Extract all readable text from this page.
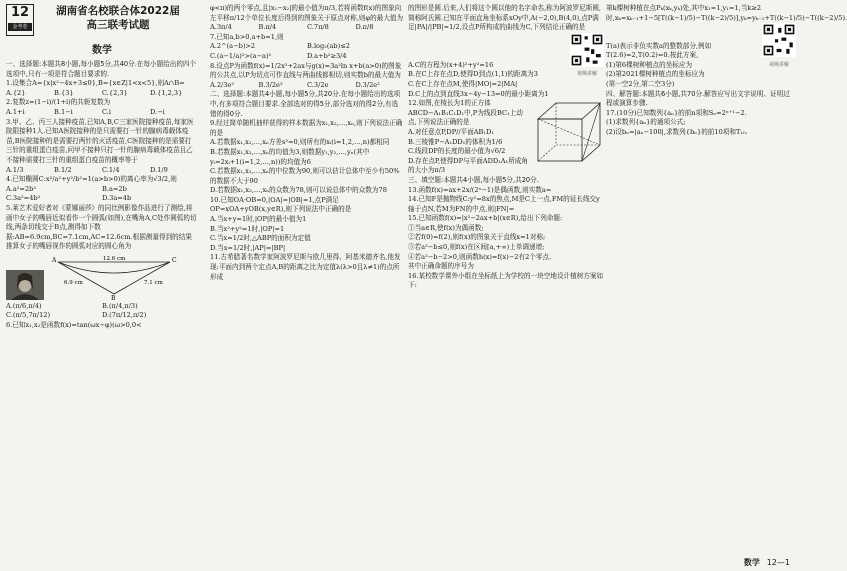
12
金考卷
湖南省名校联合体2022届
高三联考试题
数学

一、选择题:本题共8小题,每小题5分,共40分.在每小题给出的四个选项中,只有一项是符合题目要求的.

1.设集合A={x|x²−4x+3≤0},B={x∈Z|1<x<5},则A∩B=

A.{2}	B.{3}	C.{2,3}	D.{1,2,3}

2.复数z=(1−i)/(1+i)的共轭复数为

A.1+i	B.1−i	C.i	D.−i

3.甲、乙、丙三人接种疫苗,已知A,B,C三家医院接种疫苗,每家医院限接种1人.已知A医院接种的是只需要打一针的腺病毒载体疫苗,B医院接种的是需要打两针的灭活疫苗,C医院接种的是需要打三针的重组蛋白疫苗,问甲不接种只打一针的腺病毒载体疫苗且乙不接种需要打三针的重组蛋白疫苗的概率等于

A.1/3	B.1/2	C.1/4	D.1/9

4.已知椭圆C:x²/a²+y²/b²=1(a>b>0)的离心率为√3/2,则

A.a²=2b²	B.a=2b
C.3a²=4b²	D.3a=4b

5.莱艺术爱好者对《蒙娜丽莎》的同比例影像作品进行了测绘,将画中女子的嘴唇近似看作一个圆弧(如图),在嘴角A,C处作圆弧的切线,两条切线交于B点,测得如下数据:AB=6.9cm,BC=7.1cm,AC=12.6cm.根据测量得到的结果推算女子的嘴唇视作的圆弧对应的圆心角为

A	C
B
12.6 cm
6.9 cm	7.1 cm
A.(π/6,π/4)	B.(π/4,π/3)
C.(π/5,7π/12)	D.(7π/12,π/2)

6.已知x₁,x₂是函数f(x)=tan(ωx−φ)(ω>0,0<

φ<π)的两个零点,且|x₁−x₂|的最小值为π/3,若将函数f(x)的图象向左平移π/12个单位长度后得到的图象关于原点对称,则φ的最大值为

A.3π/4	B.π/4	C.7π/8	D.π/8

7.已知a,b>0,a+b=1,则

A.2^(a−b)>2	B.log₂(ab)≤2
C.(a−1/a)²>(a−a)²	D.a+b²≥3/4

8.设点P为函数f(x)=1/2x²+2ax与g(x)=3a²ln x+b(a>0)的图象的公共点,以P为切点可作直线与两曲线都相切,则实数b的最大值为

A.2/3e²	B.3/2e²	C.3/2e	D.3/2e²

二、选择题:本题共4小题,每小题5分,共20分.在每小题给出的选项中,有多项符合题目要求.全部选对的得5分,部分选对的得2分,有选错的得0分.

9.经过简单随机抽样获得的样本数据为x₁,x₂,…,xₙ,则下列说法正确的是

A.若数据x₁,x₂,…,xₙ方差s²=0,则所有的xᵢ(i=1,2,…,n)都相同

B.若数据x₁,x₂,…,xₙ的均值为3,则数据y₁,y₂,…,yₙ(其中yᵢ=2xᵢ+1(i=1,2,…,n))的均值为6

C.若数据x₁,x₂,…,xₙ的中位数为90,则可以估计总体中至少有50%的数据不大于90

D.若数据x₁,x₂,…,xₙ的众数为78,则可以说总体中的众数为78

10.已知OA·OB=0,|OA|=|OB|=1,点P满足OP=xOA+yOB(x,y∈R),则下列说法中正确的是

A.当x+y=1时,|OP|的最小值为1

B.当x²+y²=1时,|OP|=1

C.当x=1/2时,△ABP的面积为定值

D.当x=1/2时,|AP|=|BP|

11.古希腊著名数学家阿波罗尼斯与欧几里得、阿基米德齐名,他发现:平面内到两个定点A,B的距离之比为定值λ(λ>0且λ≠1)的点所形成

的图形是圆.后来,人们将这个圆以他的名字命名,称为阿波罗尼斯圆,简称阿氏圆.已知在平面直角坐标系xOy中,A(−2,0),B(4,0),点P满足|PA|/|PB|=1/2,设点P所构成的曲线为C,下列结论正确的是

A.C的方程为(x+4)²+y²=16

B.在C上存在点D,使得D到点(1,1)的距离为3	视频讲解

C.在C上存在点M,使得|MO|=2|MA|

D.C上的点到直线3x−4y−13=0的最小距离为1

12.如图,在棱长为1的正方体ABCD−A₁B₁C₁D₁中,P为线段BC₁上动点,下列说法正确的是

A.对任意点P,DP//平面AB₁D₁

B.三棱锥P−A₁DD₁的体积为1/6

C.线段DP的长度的最小值为√6/2

D.存在点P,使得DP与平面ADD₁A₁所成角的大小为π/3

三、填空题:本题共4小题,每小题5分,共20分.

13.函数f(x)=ax+2x/(2ˣ−1)是偶函数,则实数a=

14.已知F是抛物线C:y²=8x的焦点,M是C上一点,FM的延长线交y轴于点N,若M为FN的中点,则|FN|=

15.已知函数f(x)=|x²−2ax+b|(x∈R),给出下列命题:

①当a∈R,使f(x)为偶函数;

②若f(0)=f(2),则f(x)的图象关于直线x=1对称;

③若a²−b≤0,则f(x)在区间[a,+∞)上单调递增;

④若a²−b−2>0,则函数h(x)=f(x)−2有2个零点.

其中正确命题的序号为

16.某校数学课外小组在坐标纸上为学校的一块空地设计植树方案如下:

第k棵树种植在点Pₖ(xₖ,yₖ)处,其中x₁=1,y₁=1,当k≥2时,xₖ=xₖ₋₁+1−5[T((k−1)/5)−T((k−2)/5)],yₖ=yₖ₋₁+T((k−1)/5)−T((k−2)/5).

T(a)表示非负实数a的整数部分,例如T(2.6)=2,T(0.2)=0.按此方案,

(1)第6棵树种植点的坐标应为	视频讲解

(2)第2021棵树种植点的坐标应为

(第一空2分,第二空3分)

四、解答题:本题共6小题,共70分.解答应写出文字说明、证明过程或演算步骤.

17.(10分)已知数列{aₙ}的前n项和Sₙ=2ⁿ⁺¹−2.

(1)求数列{aₙ}的通项公式;

(2)设bₙ=|aₙ−100|,求数列{bₙ}的前10项和T₁₀.

数学 12—1
